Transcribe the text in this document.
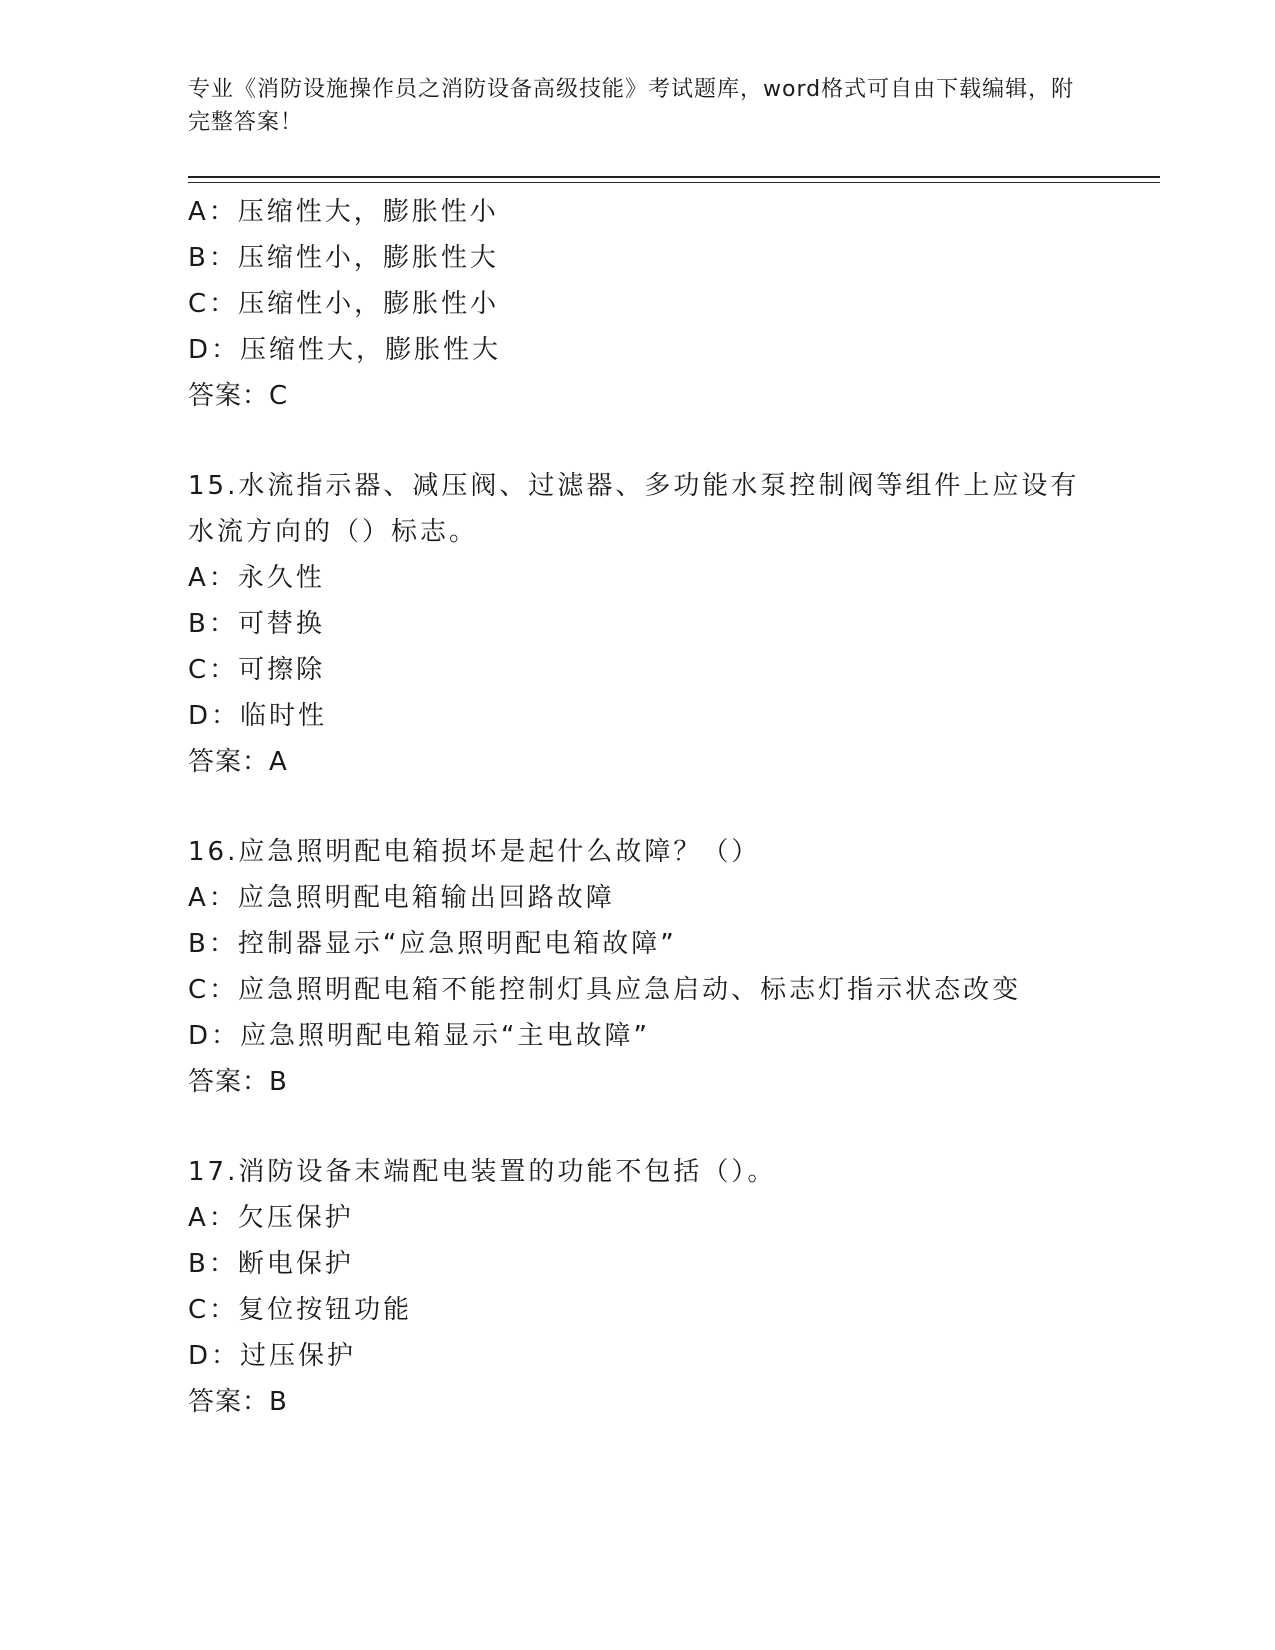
专业《消防设施操作员之消防设备高级技能》考试题库，word格式可自由下载编辑，附完整答案！
A：压缩性大，膨胀性小
B：压缩性小，膨胀性大
C：压缩性小，膨胀性小
D：压缩性大，膨胀性大
答案：C
15.水流指示器、减压阀、过滤器、多功能水泵控制阀等组件上应设有水流方向的（）标志。
A：永久性
B：可替换
C：可擦除
D：临时性
答案：A
16.应急照明配电箱损坏是起什么故障？（）
A：应急照明配电箱输出回路故障
B：控制器显示“应急照明配电箱故障”
C：应急照明配电箱不能控制灯具应急启动、标志灯指示状态改变
D：应急照明配电箱显示“主电故障”
答案：B
17.消防设备末端配电装置的功能不包括（）。
A：欠压保护
B：断电保护
C：复位按钮功能
D：过压保护
答案：B
